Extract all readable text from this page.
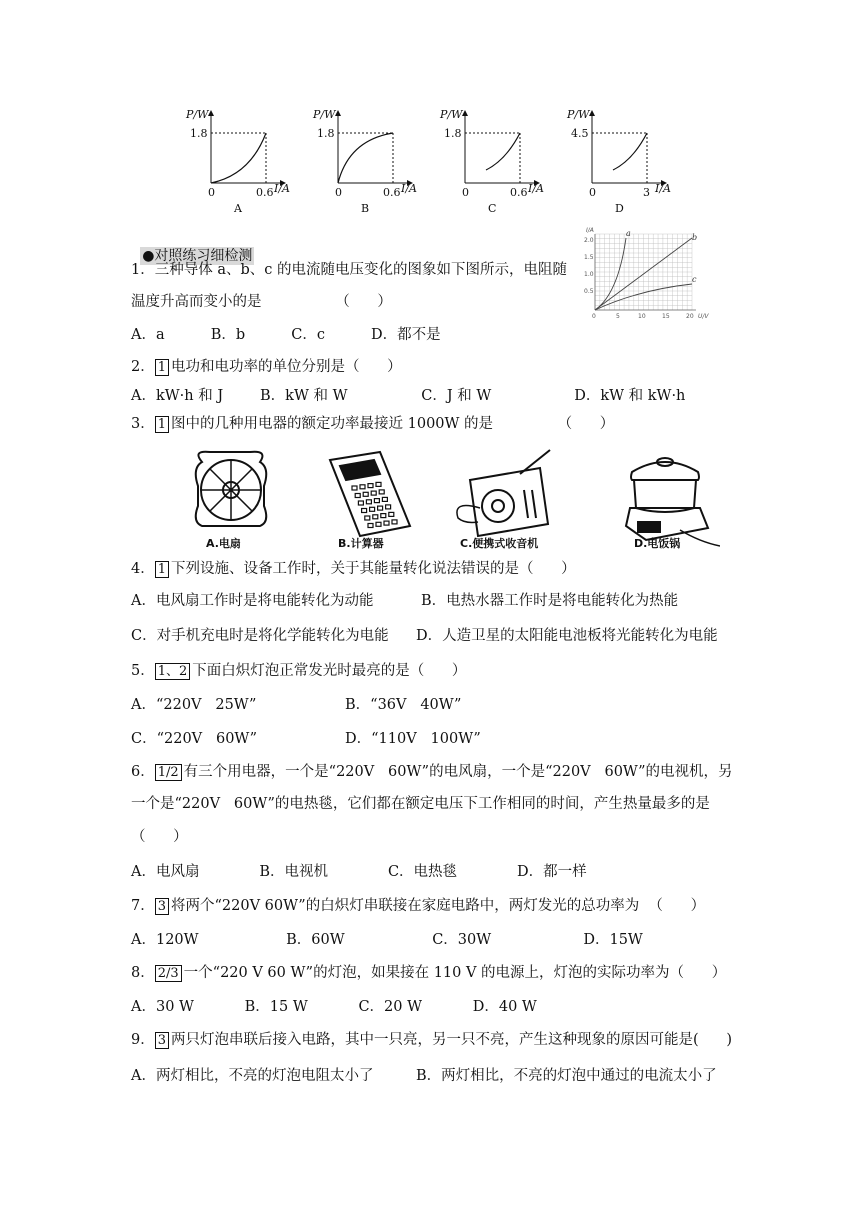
P/W
1.8
0	0.6 I/A
A
P/W
1.8
0	0.6 I/A
B
P/W
1.8
0	0.6 I/A
C
P/W
4.5
0	3 I/A
D

●对照练习细检测

1．三种导体 a、b、c 的电流随电压变化的图象如下图所示，电阻随
温度升高而变小的是                （      ）
A．a          B．b          C．c          D．都不是
I/A
U/V
2.0
1.5
1.0
0.5
0	5	10	15	20
a	b
c
2． 1 电功和电功率的单位分别是（      ）
A．kW·h 和 J        B．kW 和 W                C．J 和 W                  D．kW 和 kW·h
3． 1 图中的几种用电器的额定功率最接近 1000W 的是              （      ）
A.电扇	B.计算器	C.便携式收音机	D.电饭锅
4． 1 下列设施、设备工作时，关于其能量转化说法错误的是（      ）
A．电风扇工作时是将电能转化为动能	B．电热水器工作时是将电能转化为热能
C．对手机充电时是将化学能转化为电能 D．人造卫星的太阳能电池板将光能转化为电能
5． 1、2 下面白炽灯泡正常发光时最亮的是（      ）
A．“220V   25W”	B．“36V   40W”
C．“220V   60W”	D．“110V   100W”
6． 1/2 有三个用电器，一个是“220V   60W”的电风扇，一个是“220V   60W”的电视机，另
一个是“220V   60W”的电热毯，它们都在额定电压下工作相同的时间，产生热量最多的是
（      ）
A．电风扇             B．电视机             C．电热毯             D．都一样
7． 3 将两个“220V 60W”的白炽灯串联接在家庭电路中，两灯发光的总功率为  （      ）
A．120W                   B．60W                   C．30W                    D．15W
8． 2/3 一个“220 V 60 W”的灯泡，如果接在 110 V 的电源上，灯泡的实际功率为（      ）
A．30 W           B．15 W           C．20 W           D．40 W
9． 3 两只灯泡串联后接入电路，其中一只亮，另一只不亮，产生这种现象的原因可能是(      )
A．两灯相比，不亮的灯泡电阻太小了	B．两灯相比，不亮的灯泡中通过的电流太小了
